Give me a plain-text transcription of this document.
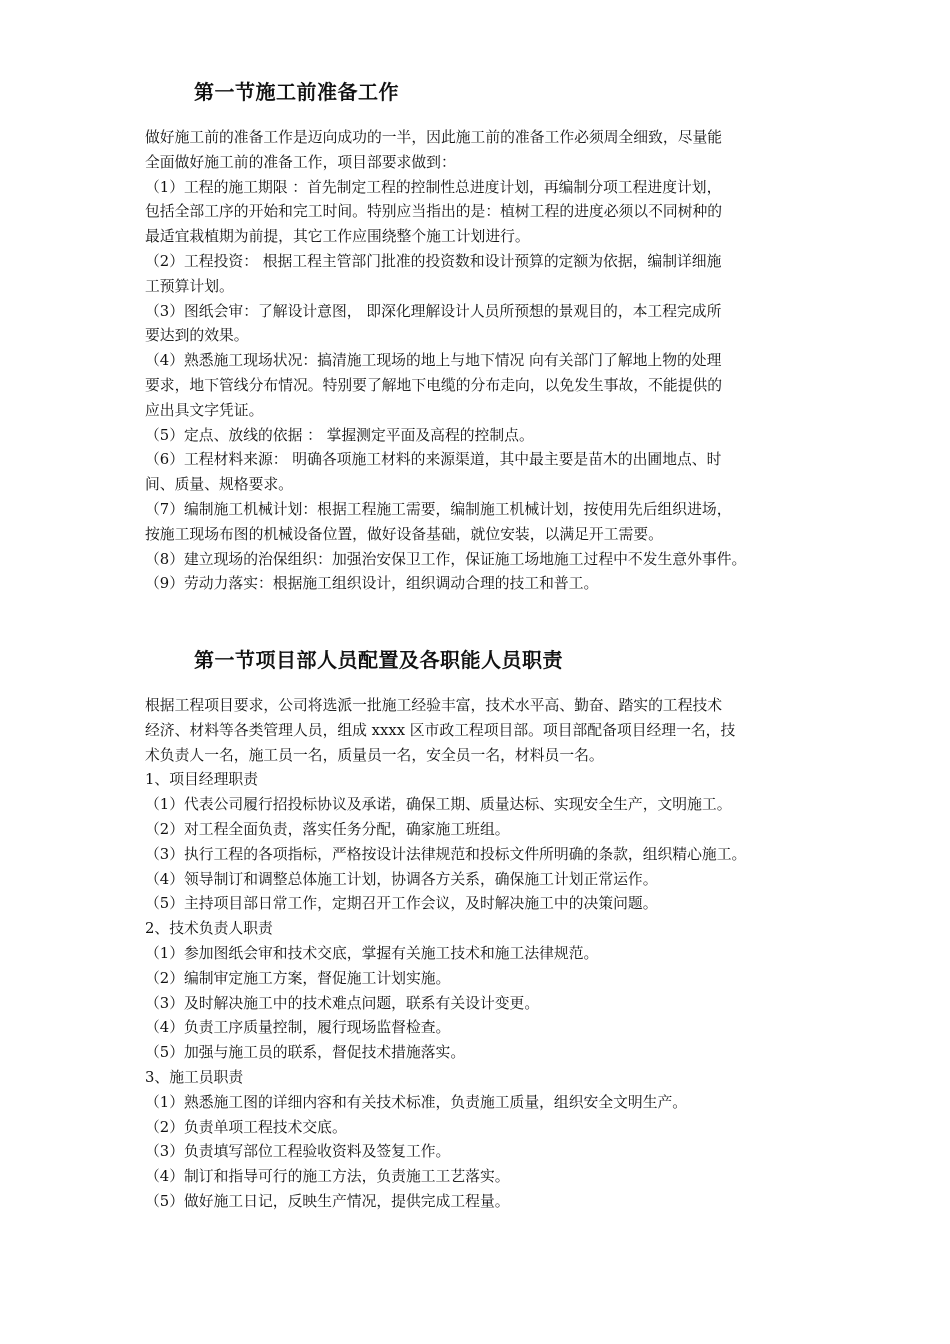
第一节施工前准备工作
做好施工前的准备工作是迈向成功的一半，因此施工前的准备工作必须周全细致，尽量能
全面做好施工前的准备工作，项目部要求做到：
（1）工程的施工期限 ：首先制定工程的控制性总进度计划，再编制分项工程进度计划，
包括全部工序的开始和完工时间。特别应当指出的是：植树工程的进度必须以不同树种的
最适宜栽植期为前提，其它工作应围绕整个施工计划进行。
（2）工程投资： 根据工程主管部门批准的投资数和设计预算的定额为依据，编制详细施
工预算计划。
（3）图纸会审：了解设计意图， 即深化理解设计人员所预想的景观目的，本工程完成所
要达到的效果。
（4）熟悉施工现场状况：搞清施工现场的地上与地下情况 向有关部门了解地上物的处理
要求，地下管线分布情况。特别要了解地下电缆的分布走向，以免发生事故，不能提供的
应出具文字凭证。
（5）定点、放线的依据 ： 掌握测定平面及高程的控制点。
（6）工程材料来源： 明确各项施工材料的来源渠道，其中最主要是苗木的出圃地点、时
间、质量、规格要求。
（7）编制施工机械计划：根据工程施工需要，编制施工机械计划，按使用先后组织进场，
按施工现场布图的机械设备位置，做好设备基础，就位安装，以满足开工需要。
（8）建立现场的治保组织：加强治安保卫工作，保证施工场地施工过程中不发生意外事件。
（9）劳动力落实：根据施工组织设计，组织调动合理的技工和普工。
第一节项目部人员配置及各职能人员职责
根据工程项目要求，公司将选派一批施工经验丰富，技术水平高、勤奋、踏实的工程技术
经济、材料等各类管理人员，组成 xxxx 区市政工程项目部。项目部配备项目经理一名，技
术负责人一名，施工员一名，质量员一名，安全员一名，材料员一名。
1、项目经理职责
（1）代表公司履行招投标协议及承诺，确保工期、质量达标、实现安全生产，文明施工。
（2）对工程全面负责，落实任务分配，确家施工班组。
（3）执行工程的各项指标，严格按设计法律规范和投标文件所明确的条款，组织精心施工。
（4）领导制订和调整总体施工计划，协调各方关系，确保施工计划正常运作。
（5）主持项目部日常工作，定期召开工作会议，及时解决施工中的决策问题。
2、技术负责人职责
（1）参加图纸会审和技术交底，掌握有关施工技术和施工法律规范。
（2）编制审定施工方案，督促施工计划实施。
（3）及时解决施工中的技术难点问题，联系有关设计变更。
（4）负责工序质量控制，履行现场监督检查。
（5）加强与施工员的联系，督促技术措施落实。
3、施工员职责
（1）熟悉施工图的详细内容和有关技术标准，负责施工质量，组织安全文明生产。
（2）负责单项工程技术交底。
（3）负责填写部位工程验收资料及签复工作。
（4）制订和指导可行的施工方法，负责施工工艺落实。
（5）做好施工日记，反映生产情况，提供完成工程量。
